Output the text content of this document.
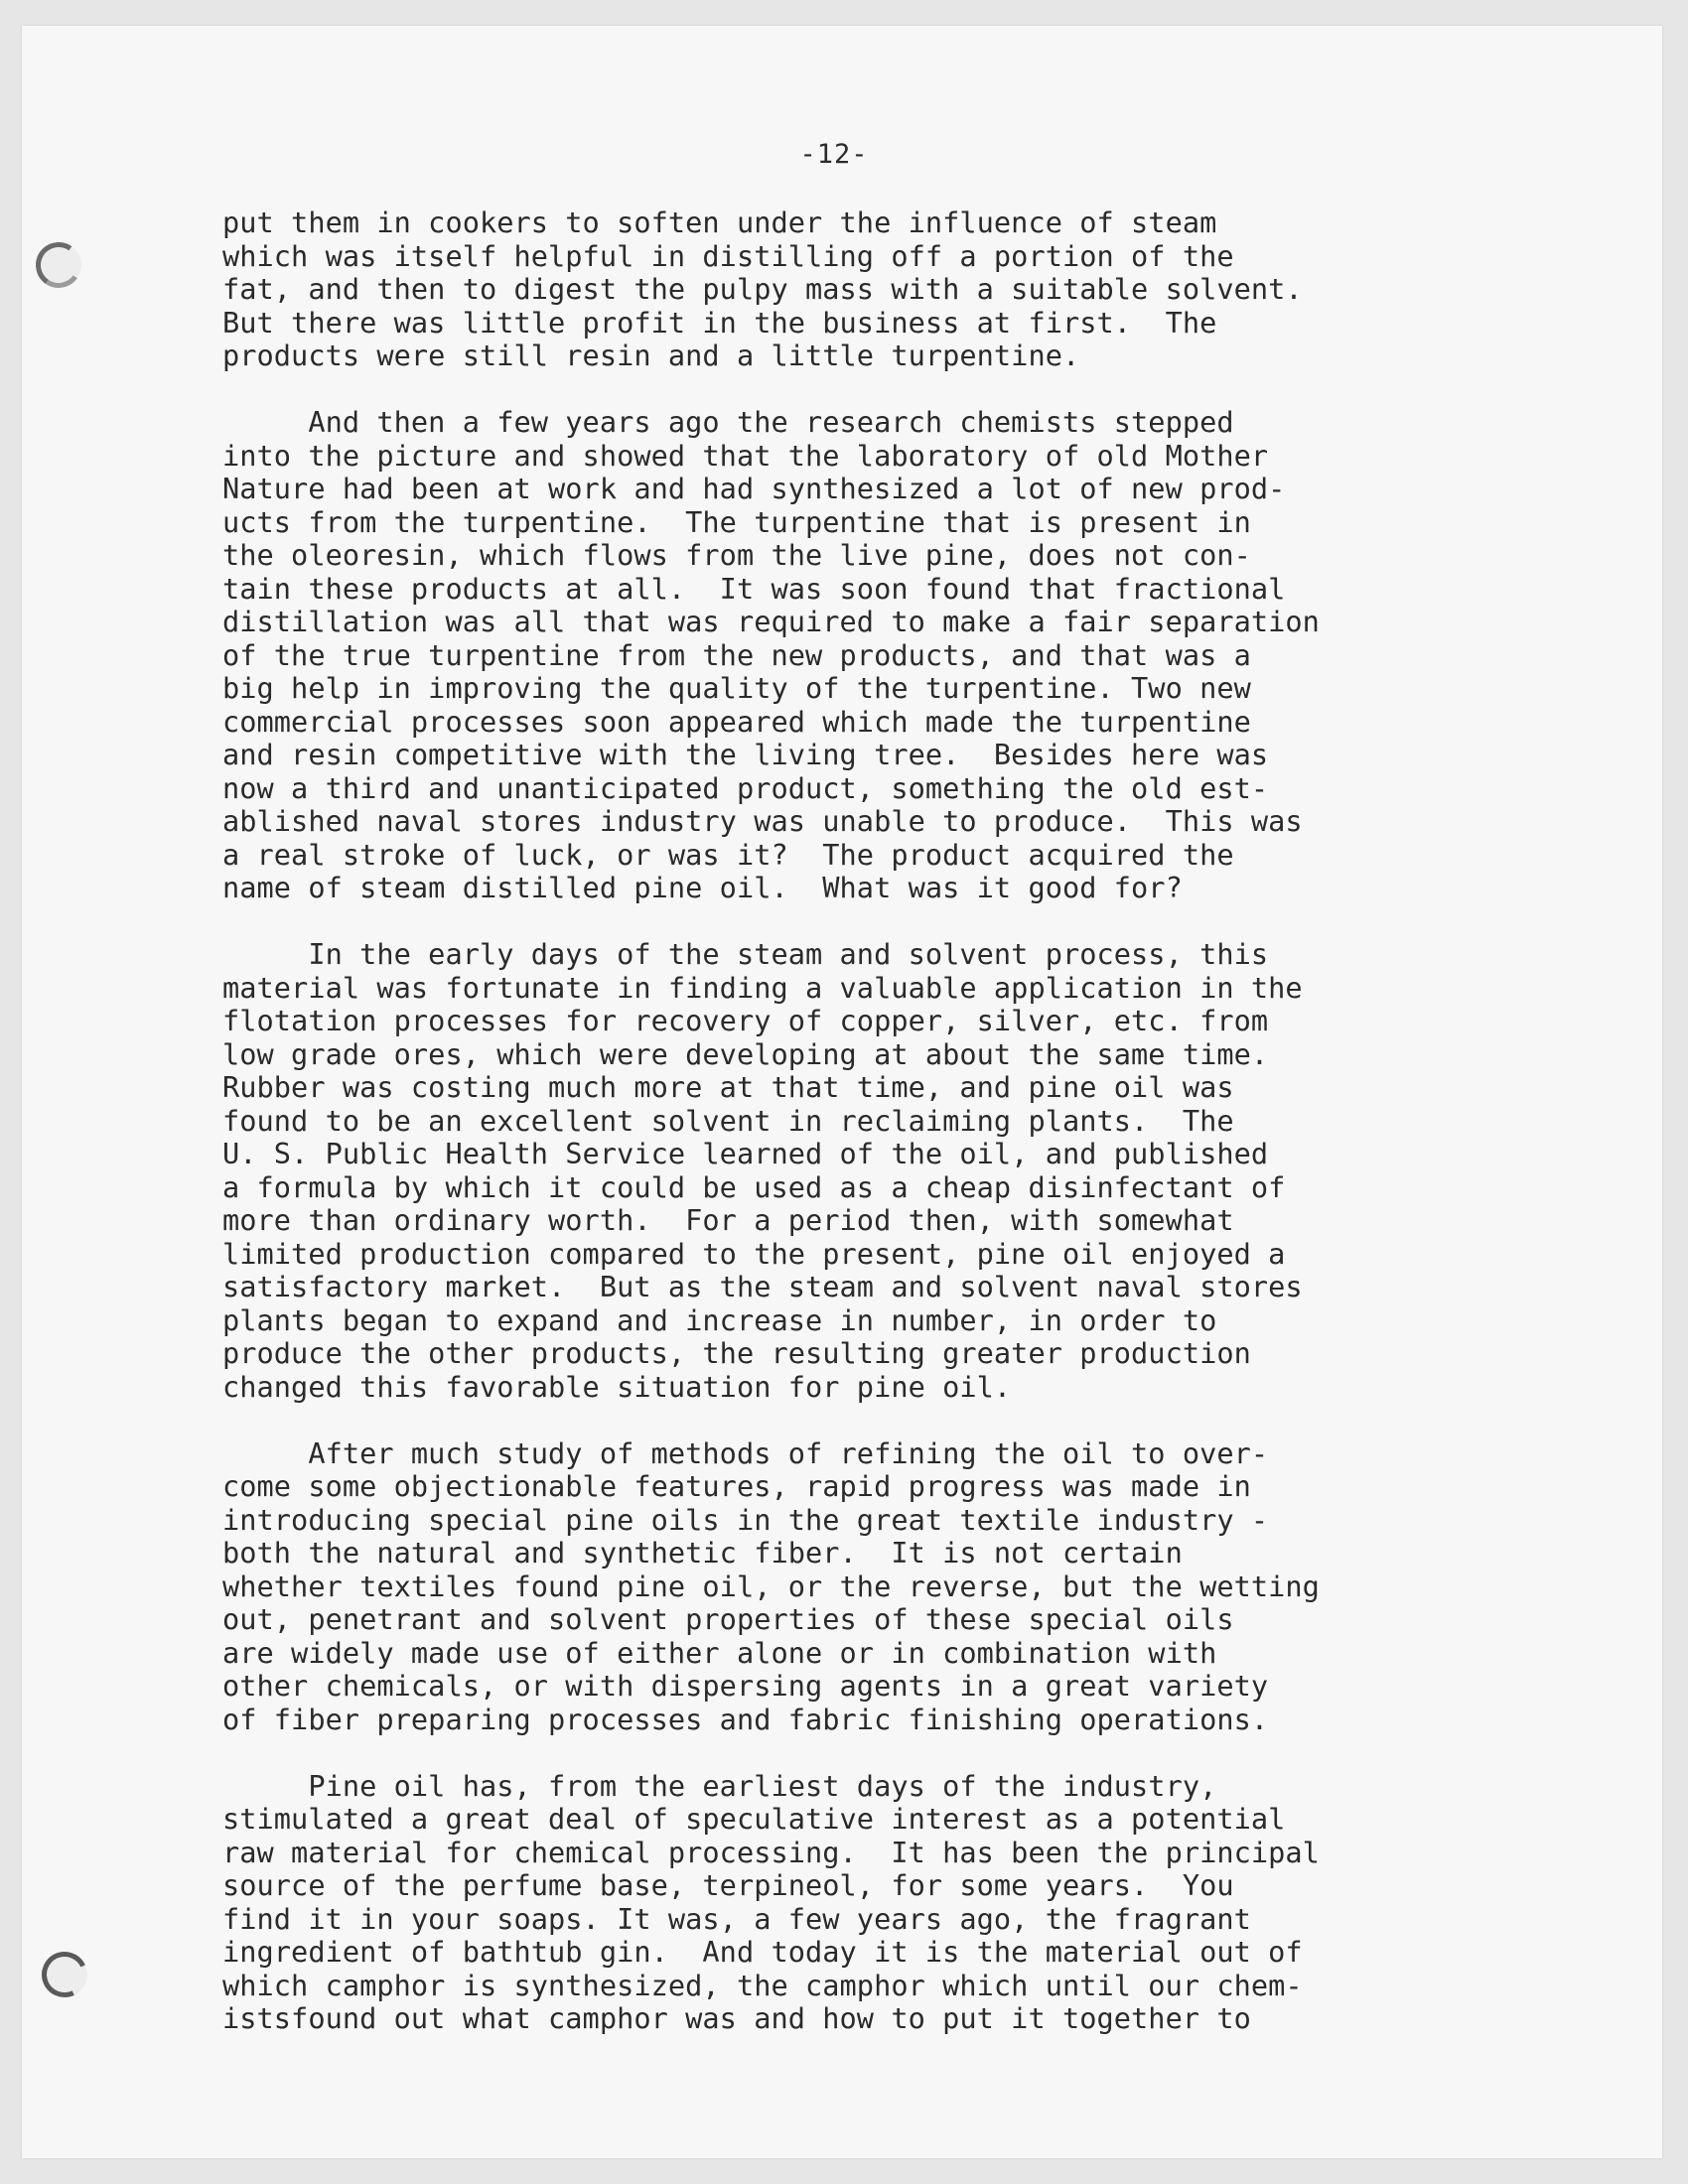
-12-
put them in cookers to soften under the influence of steam
which was itself helpful in distilling off a portion of the
fat, and then to digest the pulpy mass with a suitable solvent.
But there was little profit in the business at first.  The
products were still resin and a little turpentine.
And then a few years ago the research chemists stepped
into the picture and showed that the laboratory of old Mother
Nature had been at work and had synthesized a lot of new prod-
ucts from the turpentine.  The turpentine that is present in
the oleoresin, which flows from the live pine, does not con-
tain these products at all.  It was soon found that fractional
distillation was all that was required to make a fair separation
of the true turpentine from the new products, and that was a
big help in improving the quality of the turpentine. Two new
commercial processes soon appeared which made the turpentine
and resin competitive with the living tree.  Besides here was
now a third and unanticipated product, something the old est-
ablished naval stores industry was unable to produce.  This was
a real stroke of luck, or was it?  The product acquired the
name of steam distilled pine oil.  What was it good for?
In the early days of the steam and solvent process, this
material was fortunate in finding a valuable application in the
flotation processes for recovery of copper, silver, etc. from
low grade ores, which were developing at about the same time.
Rubber was costing much more at that time, and pine oil was
found to be an excellent solvent in reclaiming plants.  The
U. S. Public Health Service learned of the oil, and published
a formula by which it could be used as a cheap disinfectant of
more than ordinary worth.  For a period then, with somewhat
limited production compared to the present, pine oil enjoyed a
satisfactory market.  But as the steam and solvent naval stores
plants began to expand and increase in number, in order to
produce the other products, the resulting greater production
changed this favorable situation for pine oil.
After much study of methods of refining the oil to over-
come some objectionable features, rapid progress was made in
introducing special pine oils in the great textile industry -
both the natural and synthetic fiber.  It is not certain
whether textiles found pine oil, or the reverse, but the wetting
out, penetrant and solvent properties of these special oils
are widely made use of either alone or in combination with
other chemicals, or with dispersing agents in a great variety
of fiber preparing processes and fabric finishing operations.
Pine oil has, from the earliest days of the industry,
stimulated a great deal of speculative interest as a potential
raw material for chemical processing.  It has been the principal
source of the perfume base, terpineol, for some years.  You
find it in your soaps. It was, a few years ago, the fragrant
ingredient of bathtub gin.  And today it is the material out of
which camphor is synthesized, the camphor which until our chem-
istsfound out what camphor was and how to put it together to
